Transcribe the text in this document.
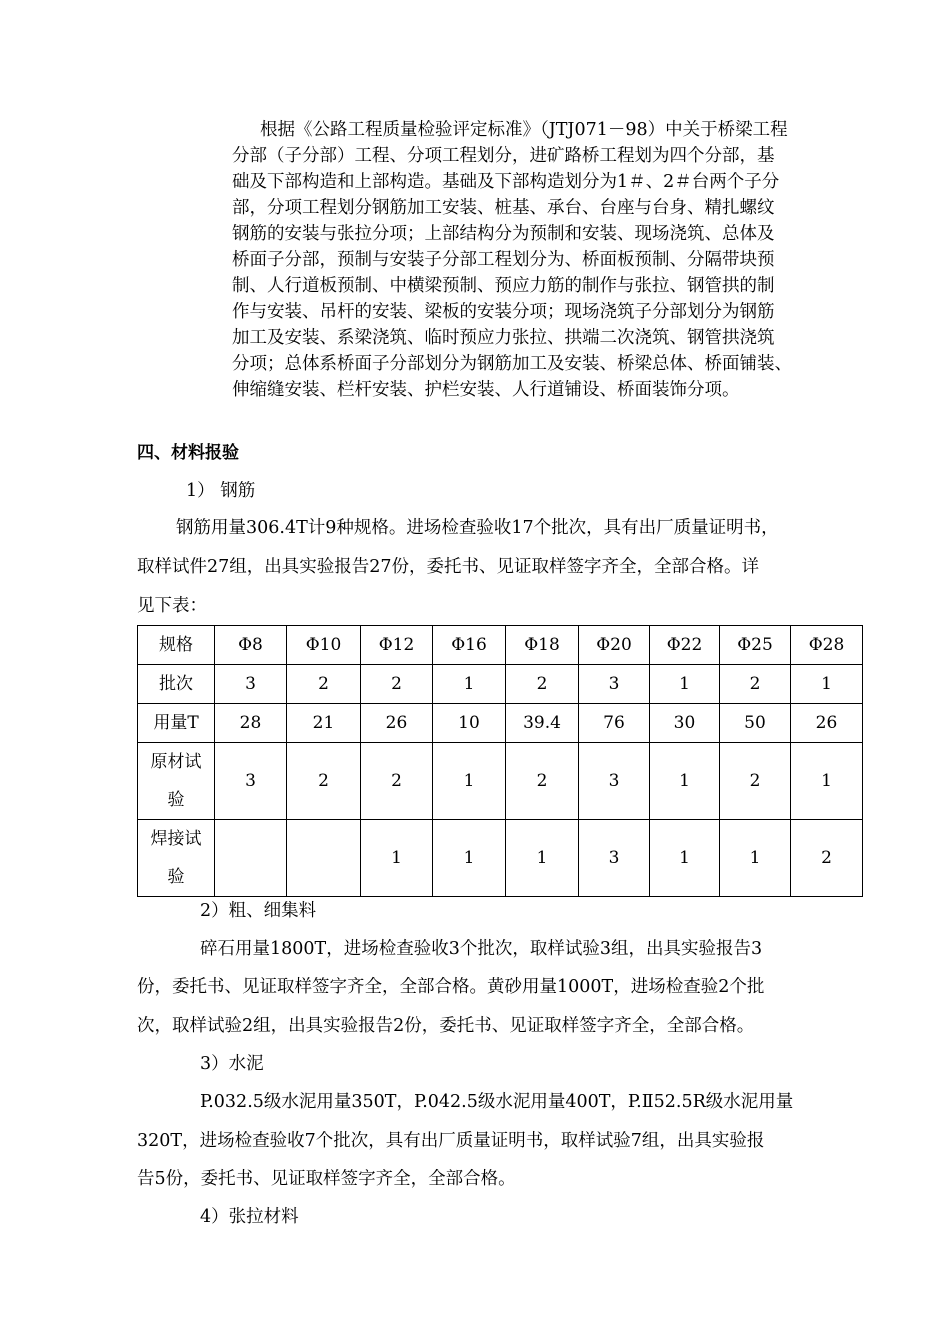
根据《公路工程质量检验评定标准》（JTJ071－98）中关于桥梁工程
分部（子分部）工程、分项工程划分，进矿路桥工程划为四个分部，基
础及下部构造和上部构造。基础及下部构造划分为1＃、2＃台两个子分
部，分项工程划分钢筋加工安装、桩基、承台、台座与台身、精扎螺纹
钢筋的安装与张拉分项；上部结构分为预制和安装、现场浇筑、总体及
桥面子分部，预制与安装子分部工程划分为、桥面板预制、分隔带块预
制、人行道板预制、中横梁预制、预应力筋的制作与张拉、钢管拱的制
作与安装、吊杆的安装、梁板的安装分项；现场浇筑子分部划分为钢筋
加工及安装、系梁浇筑、临时预应力张拉、拱端二次浇筑、钢管拱浇筑
分项；总体系桥面子分部划分为钢筋加工及安装、桥梁总体、桥面铺装、
伸缩缝安装、栏杆安装、护栏安装、人行道铺设、桥面装饰分项。
四、材料报验
1） 钢筋
钢筋用量306.4T计9种规格。进场检查验收17个批次，具有出厂质量证明书，
取样试件27组，出具实验报告27份，委托书、见证取样签字齐全，全部合格。详
见下表：
规格	Φ8	Φ10	Φ12	Φ16	Φ18	Φ20	Φ22	Φ25	Φ28
批次	3	2	2	1	2	3	1	2	1
用量T	28	21	26	10	39.4	76	30	50	26
原材试验	3	2	2	1	2	3	1	2	1
焊接试验			1	1	1	3	1	1	2
2）粗、细集料
碎石用量1800T，进场检查验收3个批次，取样试验3组，出具实验报告3
份，委托书、见证取样签字齐全，全部合格。黄砂用量1000T，进场检查验2个批
次，取样试验2组，出具实验报告2份，委托书、见证取样签字齐全，全部合格。
3）水泥
P.032.5级水泥用量350T，P.042.5级水泥用量400T，P.Ⅱ52.5R级水泥用量
320T，进场检查验收7个批次，具有出厂质量证明书，取样试验7组，出具实验报
告5份，委托书、见证取样签字齐全，全部合格。
4）张拉材料
